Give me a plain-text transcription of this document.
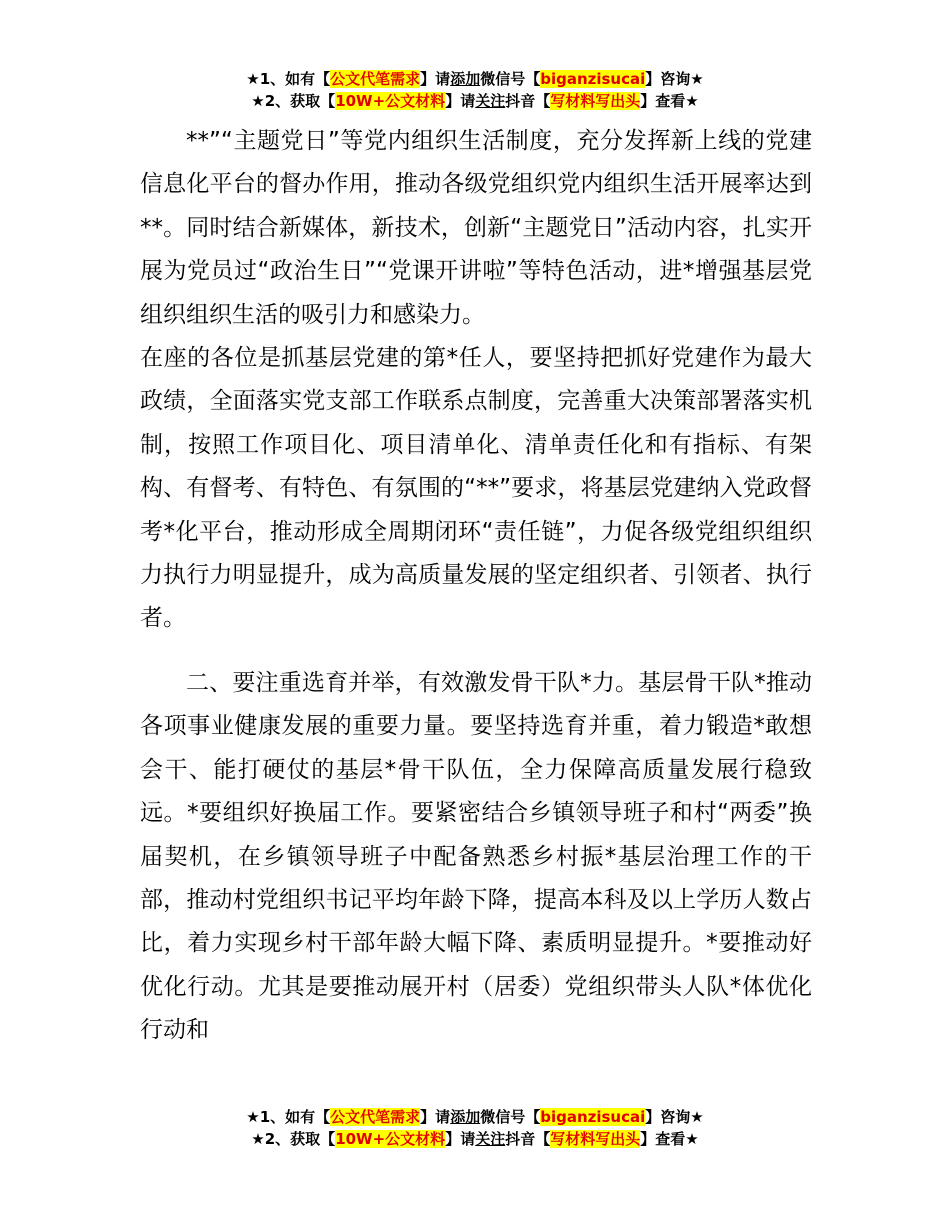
★1、如有【公文代笔需求】请添加微信号【biganzisucai】咨询★
★2、获取【10W+公文材料】请关注抖音【写材料写出头】查看★

**”“主题党日”等党内组织生活制度，充分发挥新上线的党建信息化平台的督办作用，推动各级党组织党内组织生活开展率达到**。同时结合新媒体，新技术，创新“主题党日”活动内容，扎实开展为党员过“政治生日”“党课开讲啦”等特色活动，进*增强基层党组织组织生活的吸引力和感染力。

在座的各位是抓基层党建的第*任人，要坚持把抓好党建作为最大政绩，全面落实党支部工作联系点制度，完善重大决策部署落实机制，按照工作项目化、项目清单化、清单责任化和有指标、有架构、有督考、有特色、有氛围的“**”要求，将基层党建纳入党政督考*化平台，推动形成全周期闭环“责任链”，力促各级党组织组织力执行力明显提升，成为高质量发展的坚定组织者、引领者、执行者。

二、要注重选育并举，有效激发骨干队*力。基层骨干队*推动各项事业健康发展的重要力量。要坚持选育并重，着力锻造*敢想会干、能打硬仗的基层*骨干队伍，全力保障高质量发展行稳致远。*要组织好换届工作。要紧密结合乡镇领导班子和村“两委”换届契机，在乡镇领导班子中配备熟悉乡村振*基层治理工作的干部，推动村党组织书记平均年龄下降，提高本科及以上学历人数占比，着力实现乡村干部年龄大幅下降、素质明显提升。*要推动好优化行动。尤其是要推动展开村（居委）党组织带头人队*体优化行动和

★1、如有【公文代笔需求】请添加微信号【biganzisucai】咨询★
★2、获取【10W+公文材料】请关注抖音【写材料写出头】查看★
